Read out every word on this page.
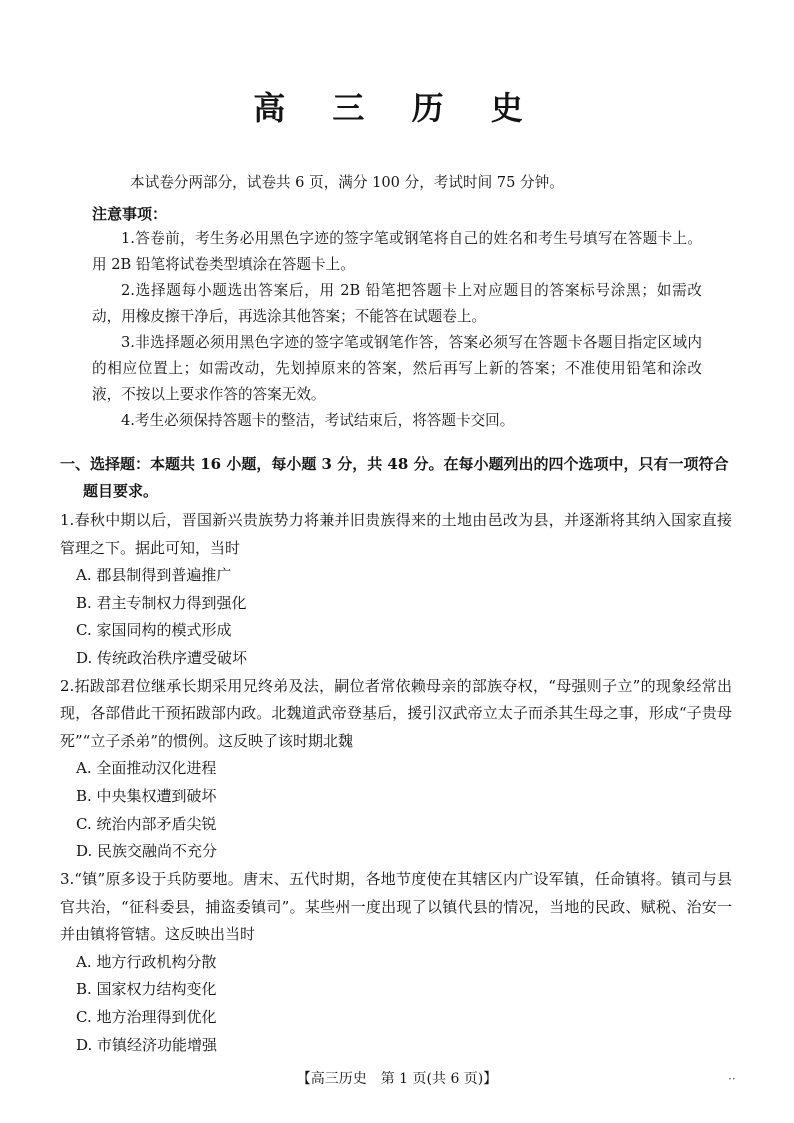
高 三 历 史
本试卷分两部分，试卷共 6 页，满分 100 分，考试时间 75 分钟。
注意事项：

1.答卷前，考生务必用黑色字迹的签字笔或钢笔将自己的姓名和考生号填写在答题卡上。用 2B 铅笔将试卷类型填涂在答题卡上。

2.选择题每小题选出答案后，用 2B 铅笔把答题卡上对应题目的答案标号涂黑；如需改动，用橡皮擦干净后，再选涂其他答案；不能答在试题卷上。

3.非选择题必须用黑色字迹的签字笔或钢笔作答，答案必须写在答题卡各题目指定区域内的相应位置上；如需改动，先划掉原来的答案，然后再写上新的答案；不准使用铅笔和涂改液，不按以上要求作答的答案无效。

4.考生必须保持答题卡的整洁，考试结束后，将答题卡交回。

一、选择题：本题共 16 小题，每小题 3 分，共 48 分。在每小题列出的四个选项中，只有一项符合
题目要求。
1.春秋中期以后，晋国新兴贵族势力将兼并旧贵族得来的土地由邑改为县，并逐渐将其纳入国家直接管理之下。据此可知，当时
A. 郡县制得到普遍推广
B. 君主专制权力得到强化
C. 家国同构的模式形成
D. 传统政治秩序遭受破坏
2.拓跋部君位继承长期采用兄终弟及法，嗣位者常依赖母亲的部族夺权，“母强则子立”的现象经常出现，各部借此干预拓跋部内政。北魏道武帝登基后，援引汉武帝立太子而杀其生母之事，形成“子贵母死”“立子杀弟”的惯例。这反映了该时期北魏
A. 全面推动汉化进程
B. 中央集权遭到破坏
C. 统治内部矛盾尖锐
D. 民族交融尚不充分
3.“镇”原多设于兵防要地。唐末、五代时期，各地节度使在其辖区内广设军镇，任命镇将。镇司与县官共治，“征科委县，捕盗委镇司”。某些州一度出现了以镇代县的情况，当地的民政、赋税、治安一并由镇将管辖。这反映出当时
A. 地方行政机构分散
B. 国家权力结构变化
C. 地方治理得到优化
D. 市镇经济功能增强
【高三历史　第 1 页(共 6 页)】	··
